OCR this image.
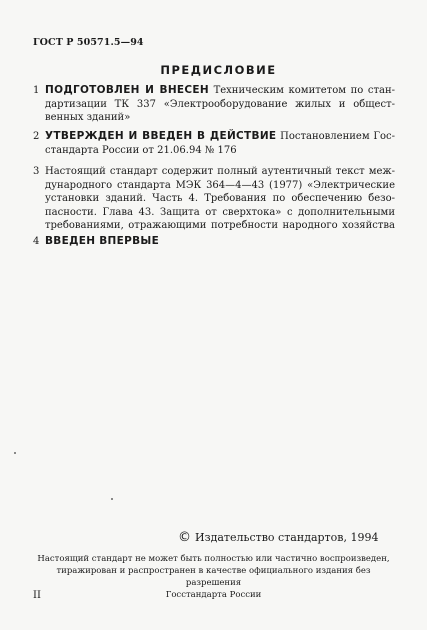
ГОСТ Р 50571.5—94
ПРЕДИСЛОВИЕ
1 ПОДГОТОВЛЕН И ВНЕСЕН Техническим комитетом по стан-
дартизации ТК 337 «Электрооборудование жилых и общест-
венных зданий»
2 УТВЕРЖДЕН И ВВЕДЕН В ДЕЙСТВИЕ Постановлением Гос-
стандарта России от 21.06.94 № 176
3 Настоящий стандарт содержит полный аутентичный текст меж-
дународного стандарта МЭК 364—4—43 (1977) «Электрические
установки зданий. Часть 4. Требования по обеспечению безо-
пасности. Глава 43. Защита от сверхтока» с дополнительными
требованиями, отражающими потребности народного хозяйства
4 ВВЕДЕН ВПЕРВЫЕ
© Издательство стандартов, 1994
Настоящий стандарт не может быть полностью или частично воспроизведен,
тиражирован и распространен в качестве официального издания без разрешения
Госстандарта России
II
